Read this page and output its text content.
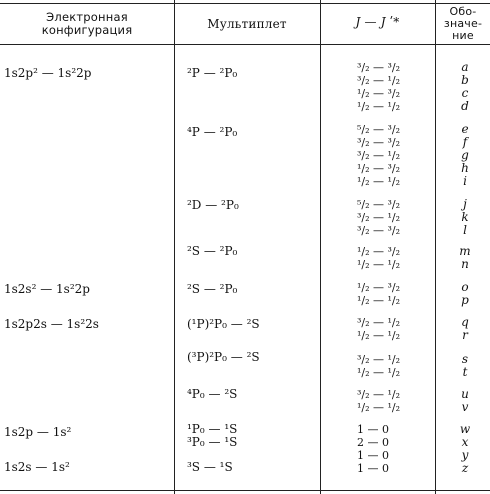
Электронная конфигурация	Мультиплет	J — J ʹ*
Обо-значе-ние
1s2p² — 1s²2p
1s2s² — 1s²2p
1s2p2s — 1s²2s
1s2p — 1s²
1s2s — 1s²
²P — ²P₀
⁴P — ²P₀
²D — ²P₀
²S — ²P₀
²S — ²P₀
(¹P)²P₀ — ²S
(³P)²P₀ — ²S
⁴P₀ — ²S
¹P₀ — ¹S
³P₀ — ¹S
³S — ¹S
³/₂ — ³/₂
³/₂ — ¹/₂
¹/₂ — ³/₂
¹/₂ — ¹/₂
⁵/₂ — ³/₂
³/₂ — ³/₂
³/₂ — ¹/₂
¹/₂ — ³/₂
¹/₂ — ¹/₂
⁵/₂ — ³/₂
³/₂ — ¹/₂
³/₂ — ³/₂
¹/₂ — ³/₂
¹/₂ — ¹/₂
¹/₂ — ³/₂
¹/₂ — ¹/₂
³/₂ — ¹/₂
¹/₂ — ¹/₂
³/₂ — ¹/₂
¹/₂ — ¹/₂
³/₂ — ¹/₂
¹/₂ — ¹/₂
1 — 0
2 — 0
1 — 0
1 — 0
a
b
c
d
e
f
g
h
i
j
k
l
m
n
o
p
q
r
s
t
u
v
w
x
y
z
